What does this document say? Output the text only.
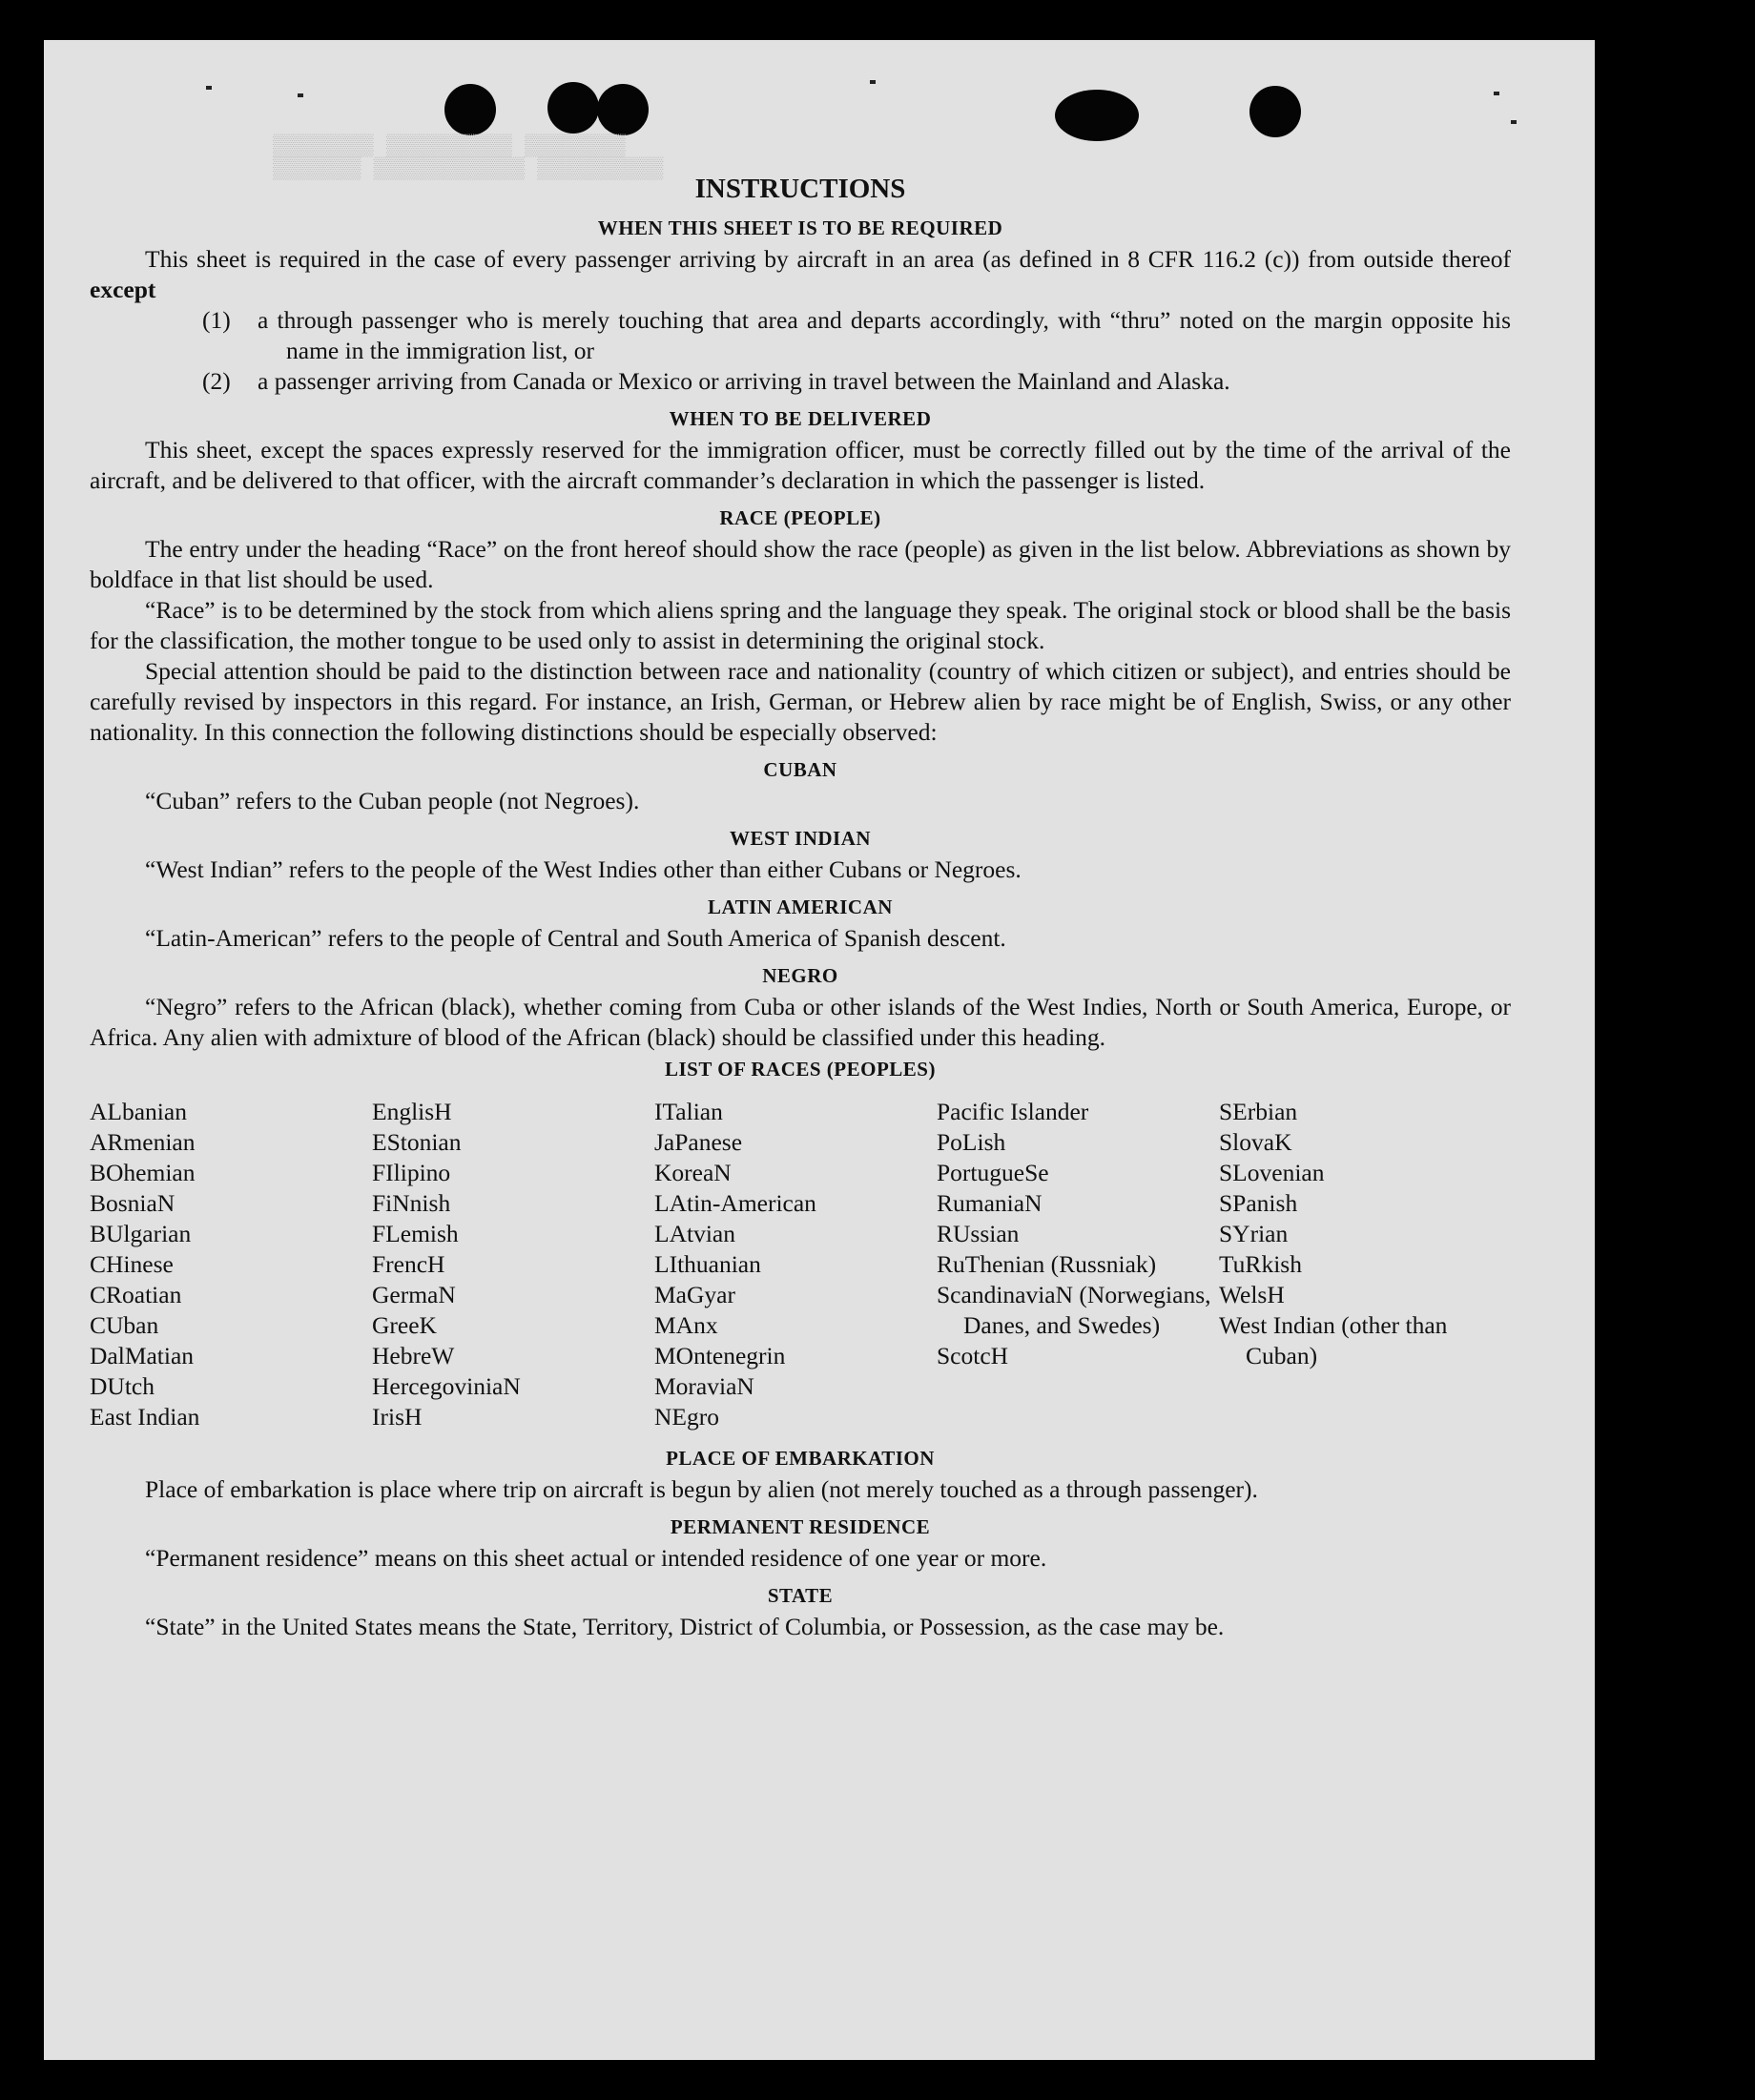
▒▒▒▒▒▒▒▒ ▒▒▒▒▒▒▒▒▒▒ ▒▒▒▒▒▒▒▒
▒▒▒▒▒▒▒ ▒▒▒▒▒▒▒▒▒▒▒▒ ▒▒▒▒▒▒▒▒▒▒
INSTRUCTIONS
WHEN THIS SHEET IS TO BE REQUIRED

This sheet is required in the case of every passenger arriving by aircraft in an area (as defined in 8 CFR 116.2 (c)) from outside thereof except

(1) a through passenger who is merely touching that area and departs accordingly, with “thru” noted on the margin opposite his name in the immigration list, or

(2) a passenger arriving from Canada or Mexico or arriving in travel between the Mainland and Alaska.

WHEN TO BE DELIVERED

This sheet, except the spaces expressly reserved for the immigration officer, must be correctly filled out by the time of the arrival of the aircraft, and be delivered to that officer, with the aircraft commander’s declaration in which the passenger is listed.

RACE (PEOPLE)

The entry under the heading “Race” on the front hereof should show the race (people) as given in the list below. Abbreviations as shown by boldface in that list should be used.

“Race” is to be determined by the stock from which aliens spring and the language they speak. The original stock or blood shall be the basis for the classification, the mother tongue to be used only to assist in determining the original stock.

Special attention should be paid to the distinction between race and nationality (country of which citizen or subject), and entries should be carefully revised by inspectors in this regard. For instance, an Irish, German, or Hebrew alien by race might be of English, Swiss, or any other nationality. In this connection the following distinctions should be especially observed:

CUBAN

“Cuban” refers to the Cuban people (not Negroes).

WEST INDIAN

“West Indian” refers to the people of the West Indies other than either Cubans or Negroes.

LATIN AMERICAN

“Latin-American” refers to the people of Central and South America of Spanish descent.

NEGRO

“Negro” refers to the African (black), whether coming from Cuba or other islands of the West Indies, North or South America, Europe, or Africa. Any alien with admixture of blood of the African (black) should be classified under this heading.

LIST OF RACES (PEOPLES)
ALbanian
ARmenian
BOhemian
BosniaN
BUlgarian
CHinese
CRoatian
CUban
DalMatian
DUtch
East Indian
EnglisH
EStonian
FIlipino
FiNnish
FLemish
FrencH
GermaN
GreeK
HebreW
HercegoviniaN
IrisH
ITalian
JaPanese
KoreaN
LAtin-American
LAtvian
LIthuanian
MaGyar
MAnx
MOntenegrin
MoraviaN
NEgro
Pacific Islander
PoLish
PortugueSe
RumaniaN
RUssian
RuThenian (Russniak)
ScandinaviaN (Norwegians, Danes, and Swedes)
ScotcH
SErbian
SlovaK
SLovenian
SPanish
SYrian
TuRkish
WelsH
West Indian (other than Cuban)
PLACE OF EMBARKATION

Place of embarkation is place where trip on aircraft is begun by alien (not merely touched as a through passenger).

PERMANENT RESIDENCE

“Permanent residence” means on this sheet actual or intended residence of one year or more.

STATE

“State” in the United States means the State, Territory, District of Columbia, or Possession, as the case may be.
